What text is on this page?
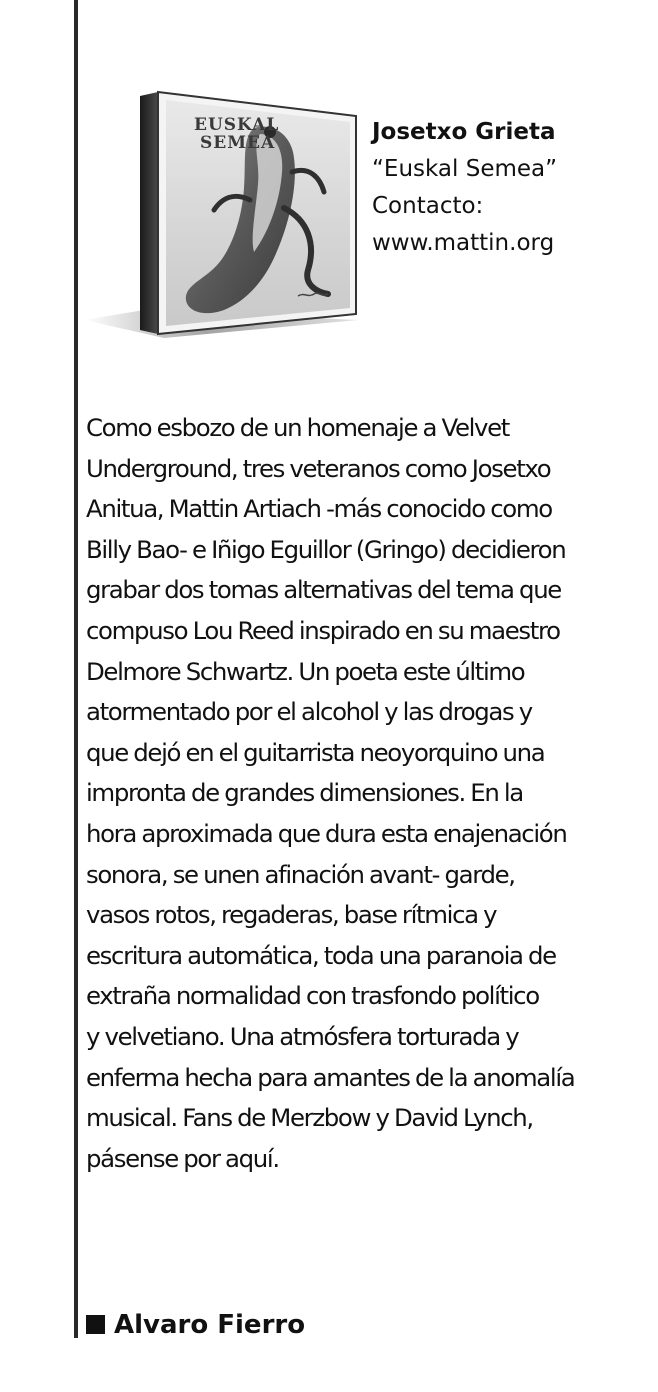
EUSKAL
SEMEA	Josetxo Grieta
“Euskal Semea”
Contacto:
www.mattin.org

Como esbozo de un homenaje a Velvet
Underground, tres veteranos como Josetxo
Anitua, Mattin Artiach -más conocido como
Billy Bao- e Iñigo Eguillor (Gringo) decidieron
grabar dos tomas alternativas del tema que
compuso Lou Reed inspirado en su maestro
Delmore Schwartz. Un poeta este último
atormentado por el alcohol y las drogas y
que dejó en el guitarrista neoyorquino una
impronta de grandes dimensiones. En la
hora aproximada que dura esta enajenación
sonora, se unen afinación avant- garde,
vasos rotos, regaderas, base rítmica y
escritura automática, toda una paranoia de
extraña normalidad con trasfondo político
y velvetiano. Una atmósfera torturada y
enferma hecha para amantes de la anomalía
musical. Fans de Merzbow y David Lynch,
pásense por aquí.

Alvaro Fierro
